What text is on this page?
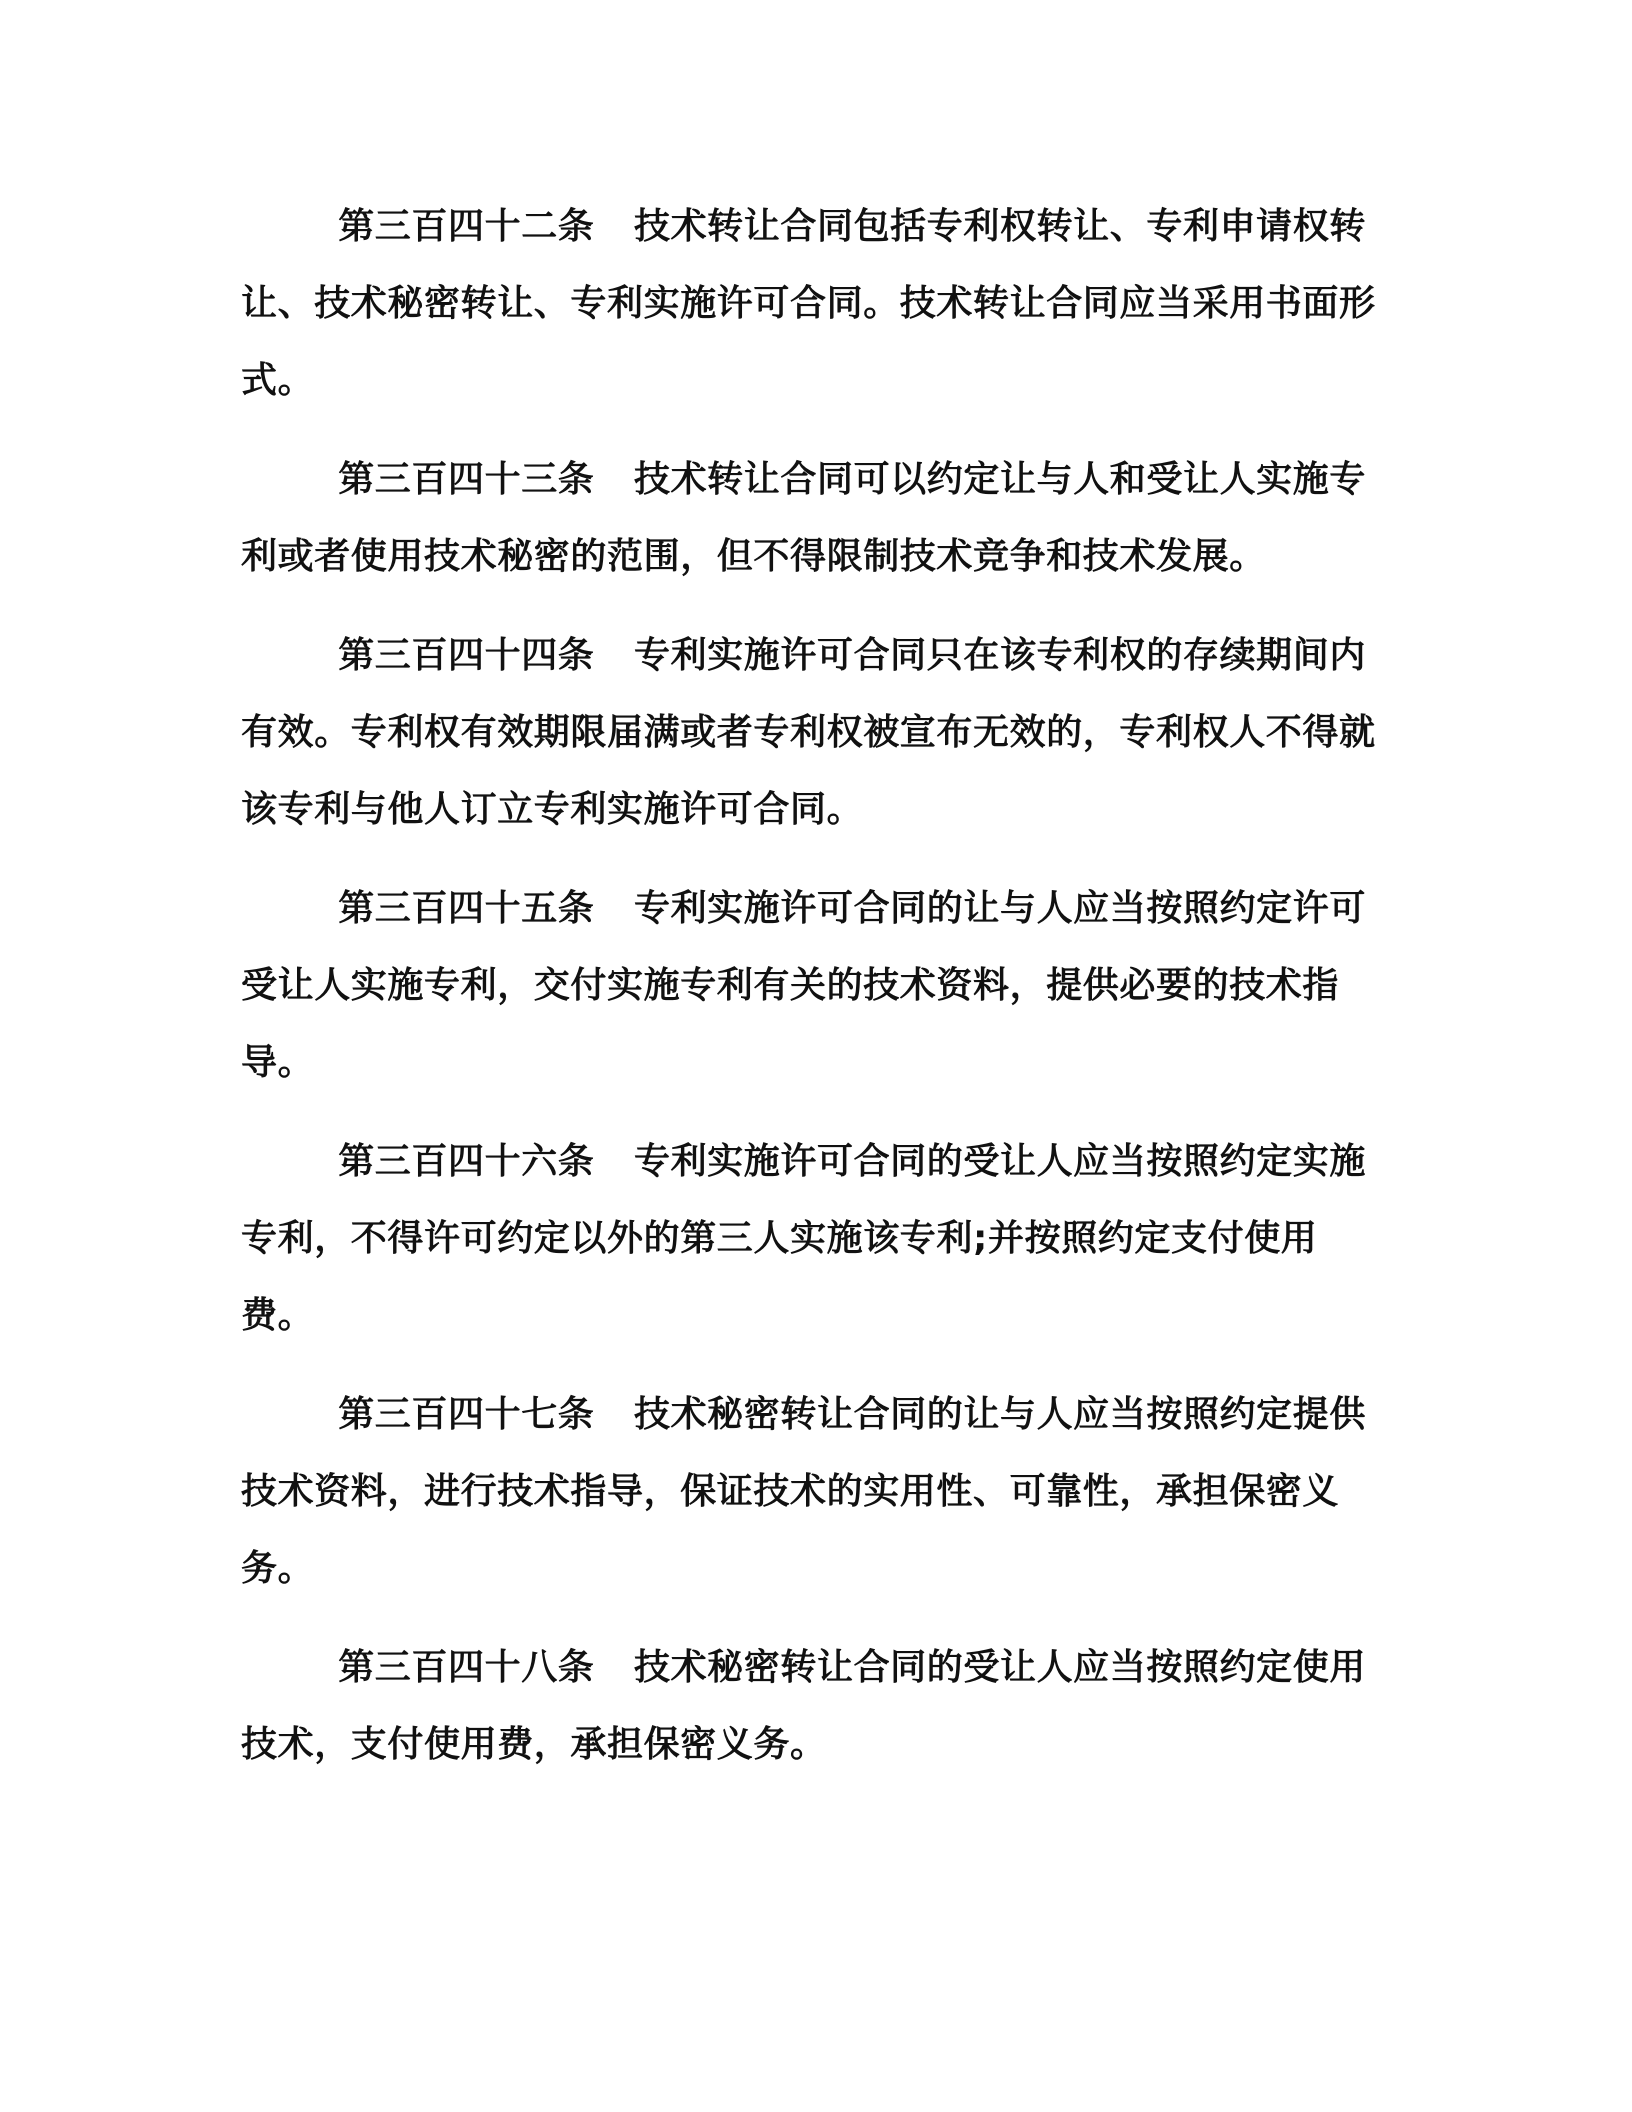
第三百四十二条 技术转让合同包括专利权转让、专利申请权转让、技术秘密转让、专利实施许可合同。技术转让合同应当采用书面形式。

第三百四十三条 技术转让合同可以约定让与人和受让人实施专利或者使用技术秘密的范围，但不得限制技术竞争和技术发展。

第三百四十四条 专利实施许可合同只在该专利权的存续期间内有效。专利权有效期限届满或者专利权被宣布无效的，专利权人不得就该专利与他人订立专利实施许可合同。

第三百四十五条 专利实施许可合同的让与人应当按照约定许可受让人实施专利，交付实施专利有关的技术资料，提供必要的技术指导。

第三百四十六条 专利实施许可合同的受让人应当按照约定实施专利，不得许可约定以外的第三人实施该专利;并按照约定支付使用费。

第三百四十七条 技术秘密转让合同的让与人应当按照约定提供技术资料，进行技术指导，保证技术的实用性、可靠性，承担保密义务。

第三百四十八条 技术秘密转让合同的受让人应当按照约定使用技术，支付使用费，承担保密义务。
